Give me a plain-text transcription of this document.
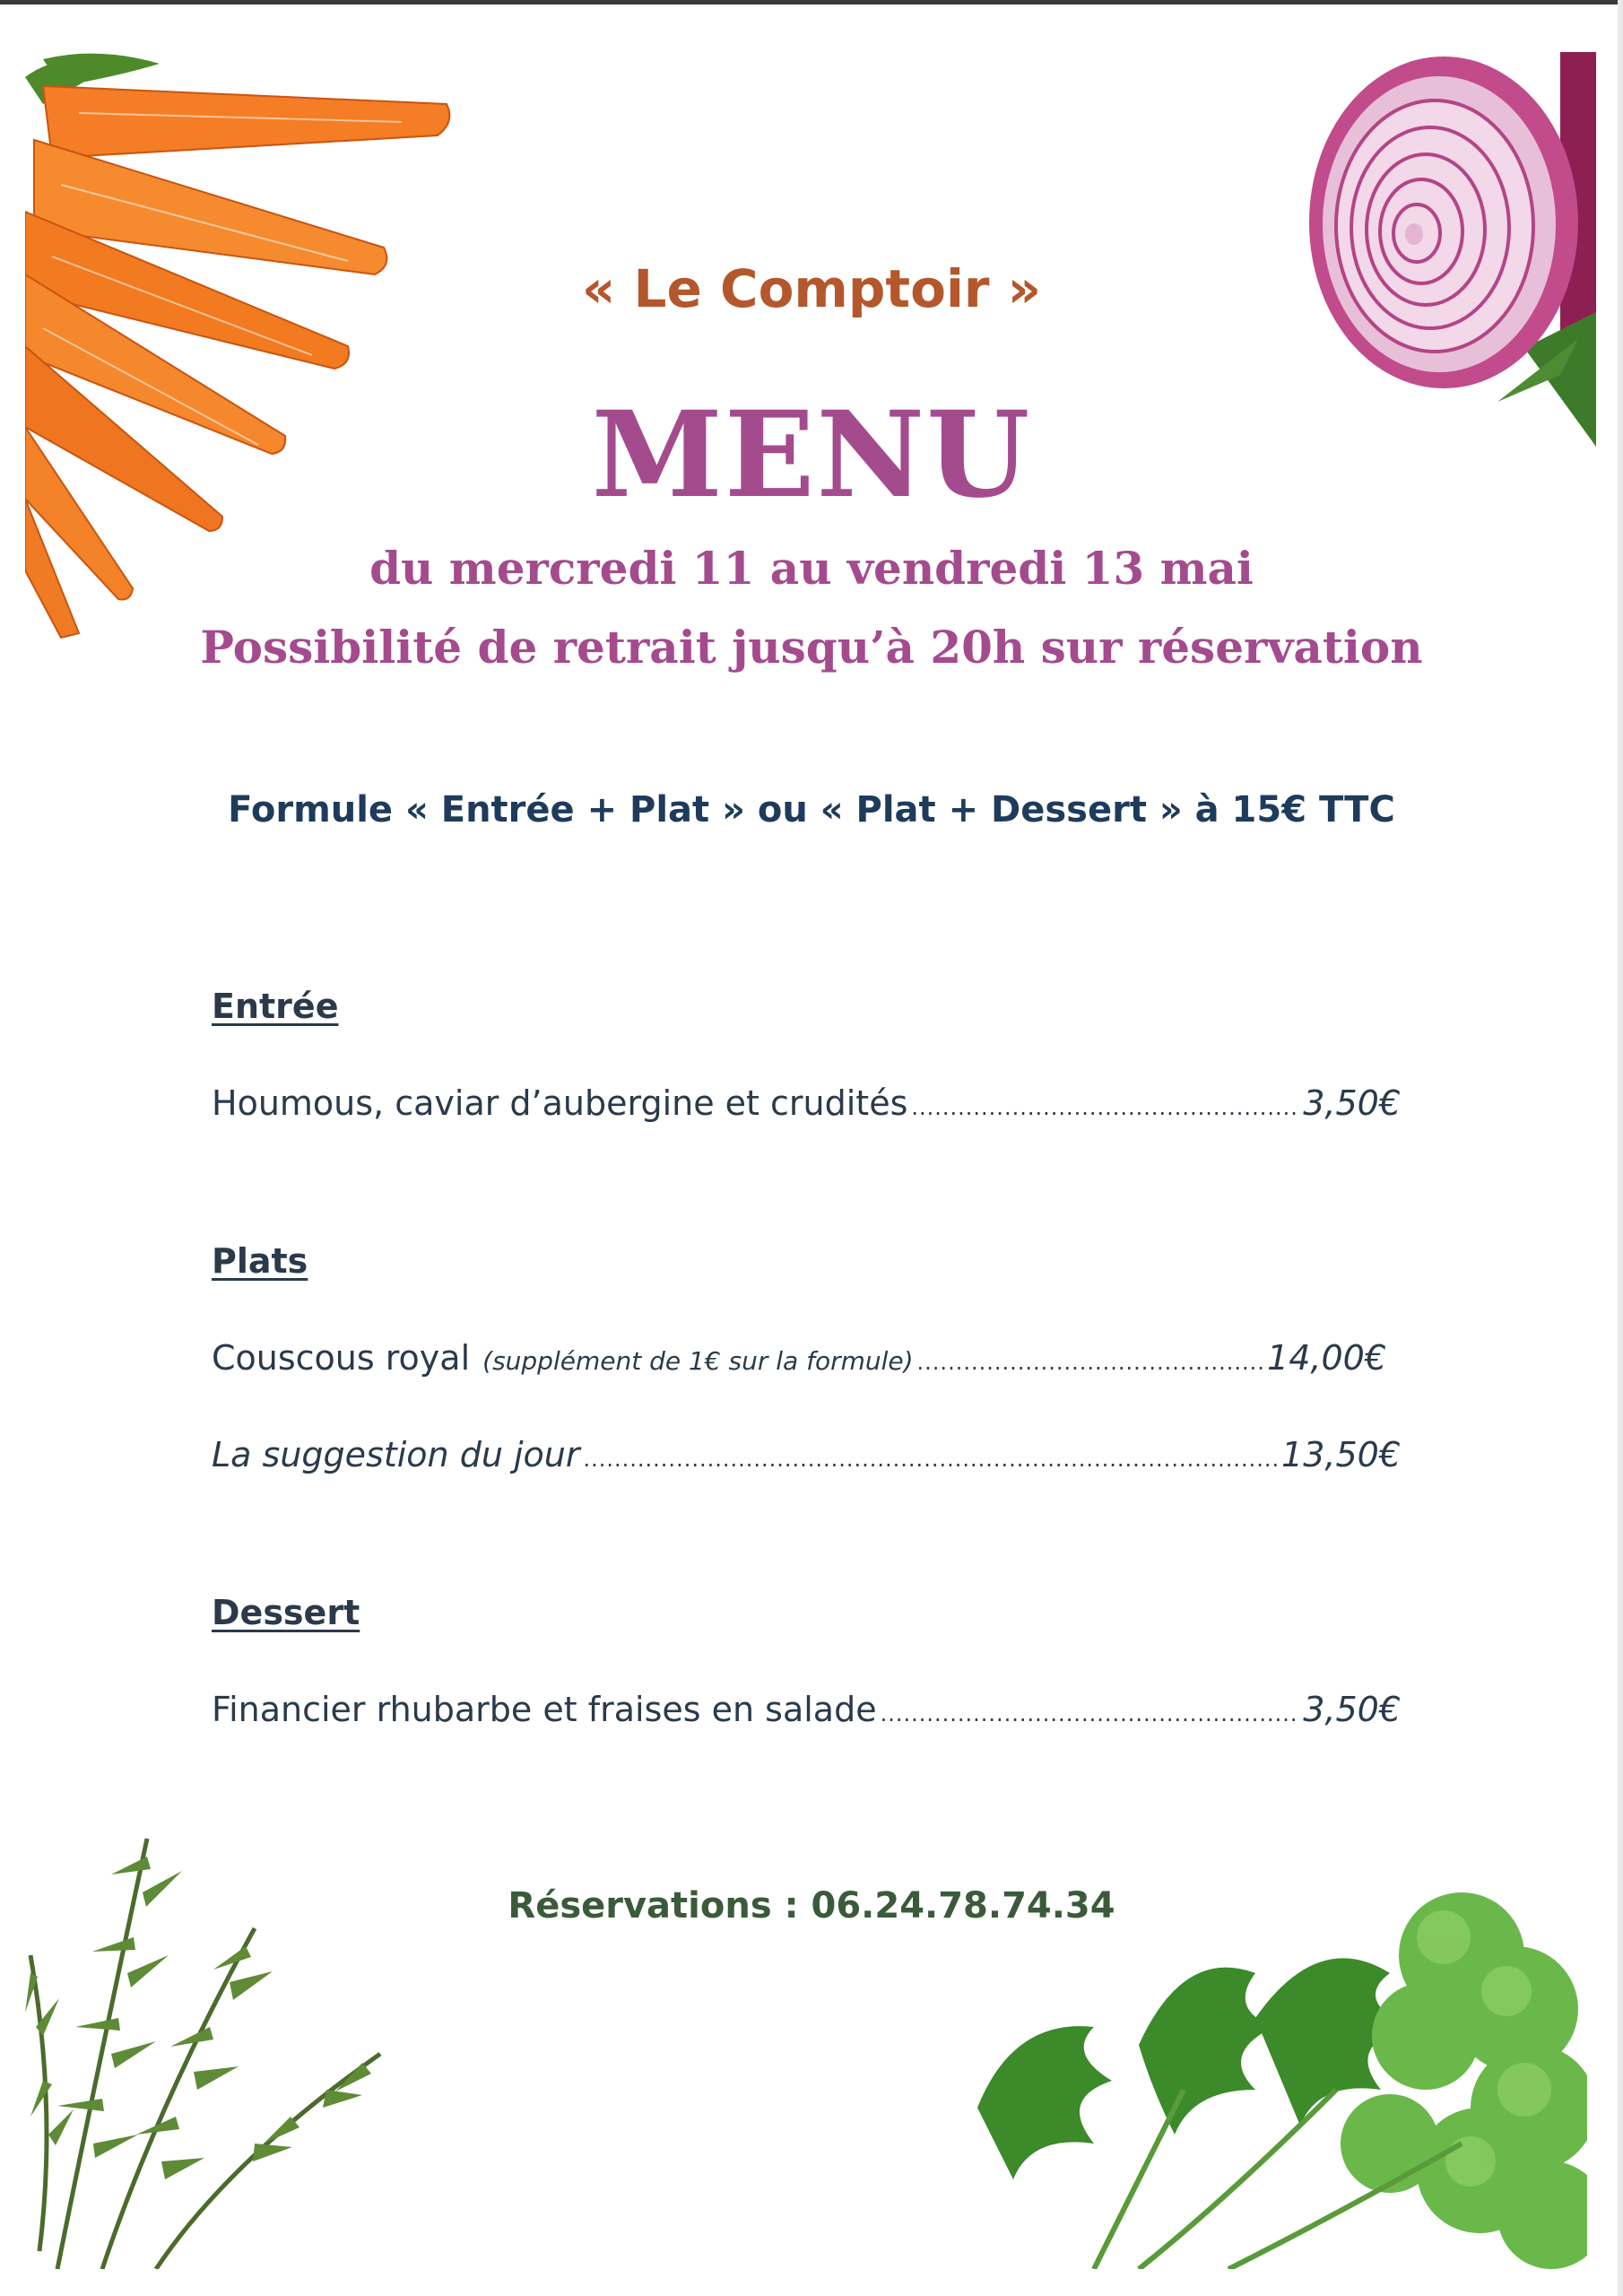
« Le Comptoir »
MENU
du mercredi 11 au vendredi 13 mai
Possibilité de retrait jusqu’à 20h sur réservation
Formule « Entrée + Plat » ou « Plat + Dessert » à 15€ TTC
Entrée
Houmous, caviar d’aubergine et crudités .....	3,50€
Plats
Couscous royal (supplément de 1€ sur la formule) .....	14,00€
La suggestion du jour .....	13,50€
Dessert
Financier rhubarbe et fraises en salade .....	3,50€
Réservations : 06.24.78.74.34
